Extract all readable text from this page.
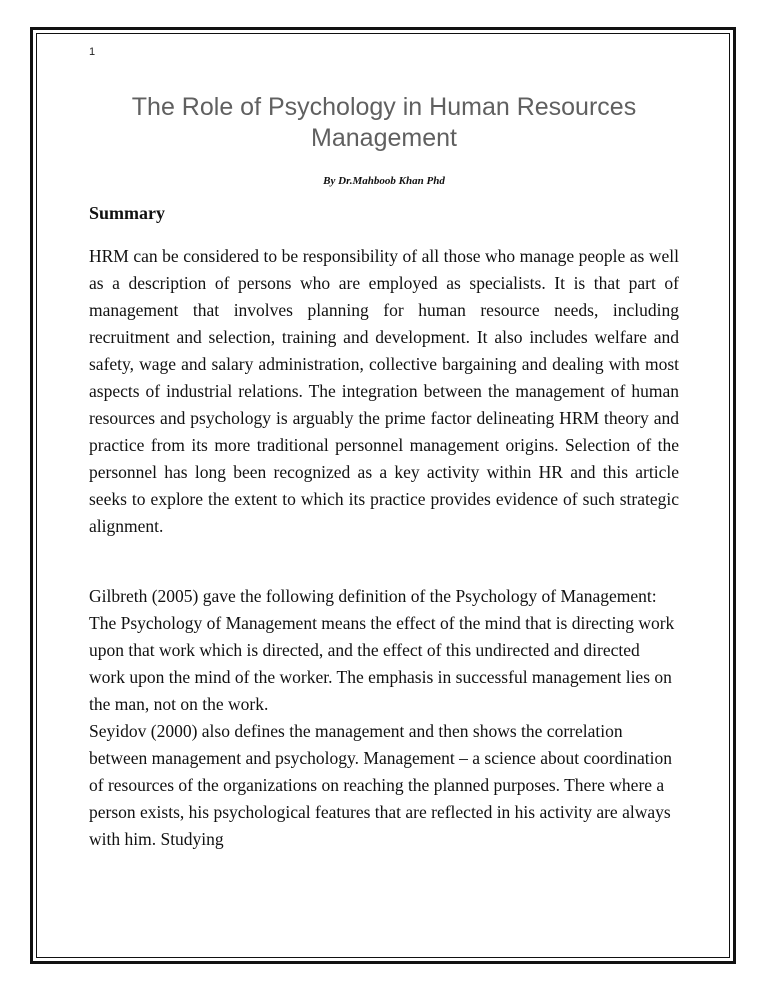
1
The Role of Psychology in Human Resources Management
By Dr.Mahboob Khan Phd
Summary

HRM can be considered to be responsibility of all those who manage people as well as a description of persons who are employed as specialists. It is that part of management that involves planning for human resource needs, including recruitment and selection, training and development. It also includes welfare and safety, wage and salary administration, collective bargaining and dealing with most aspects of industrial relations. The integration between the management of human resources and psychology is arguably the prime factor delineating HRM theory and practice from its more traditional personnel management origins. Selection of the personnel has long been recognized as a key activity within HR and this article seeks to explore the extent to which its practice provides evidence of such strategic alignment.

Gilbreth (2005) gave the following definition of the Psychology of Management: The Psychology of Management means the effect of the mind that is directing work upon that work which is directed, and the effect of this undirected and directed work upon the mind of the worker. The emphasis in successful management lies on the man, not on the work.

Seyidov (2000) also defines the management and then shows the correlation between management and psychology. Management – a science about coordination of resources of the organizations on reaching the planned purposes. There where a person exists, his psychological features that are reflected in his activity are always with him. Studying
